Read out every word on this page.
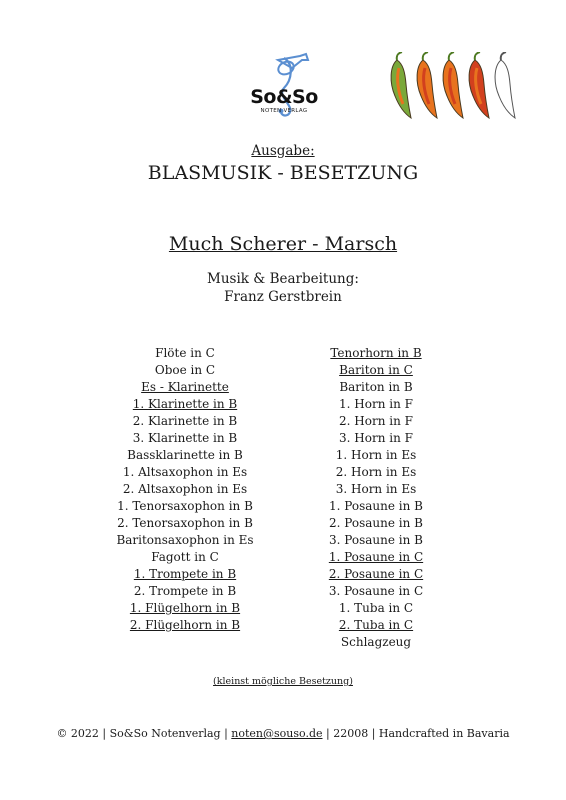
So&So
NOTEN VERLAG
Ausgabe:
BLASMUSIK - BESETZUNG
Much Scherer - Marsch
Musik & Bearbeitung:
Franz Gerstbrein
Flöte in C
Oboe in C
Es - Klarinette
1. Klarinette in B
2. Klarinette in B
3. Klarinette in B
Bassklarinette in B
1. Altsaxophon in Es
2. Altsaxophon in Es
1. Tenorsaxophon in B
2. Tenorsaxophon in B
Baritonsaxophon in Es
Fagott in C
1. Trompete in B
2. Trompete in B
1. Flügelhorn in B
2. Flügelhorn in B
Tenorhorn in B
Bariton in C
Bariton in B
1. Horn in F
2. Horn in F
3. Horn in F
1. Horn in Es
2. Horn in Es
3. Horn in Es
1. Posaune in B
2. Posaune in B
3. Posaune in B
1. Posaune in C
2. Posaune in C
3. Posaune in C
1. Tuba in C
2. Tuba in C
Schlagzeug
(kleinst mögliche Besetzung)
© 2022 | So&So Notenverlag | noten@souso.de | 22008 | Handcrafted in Bavaria
